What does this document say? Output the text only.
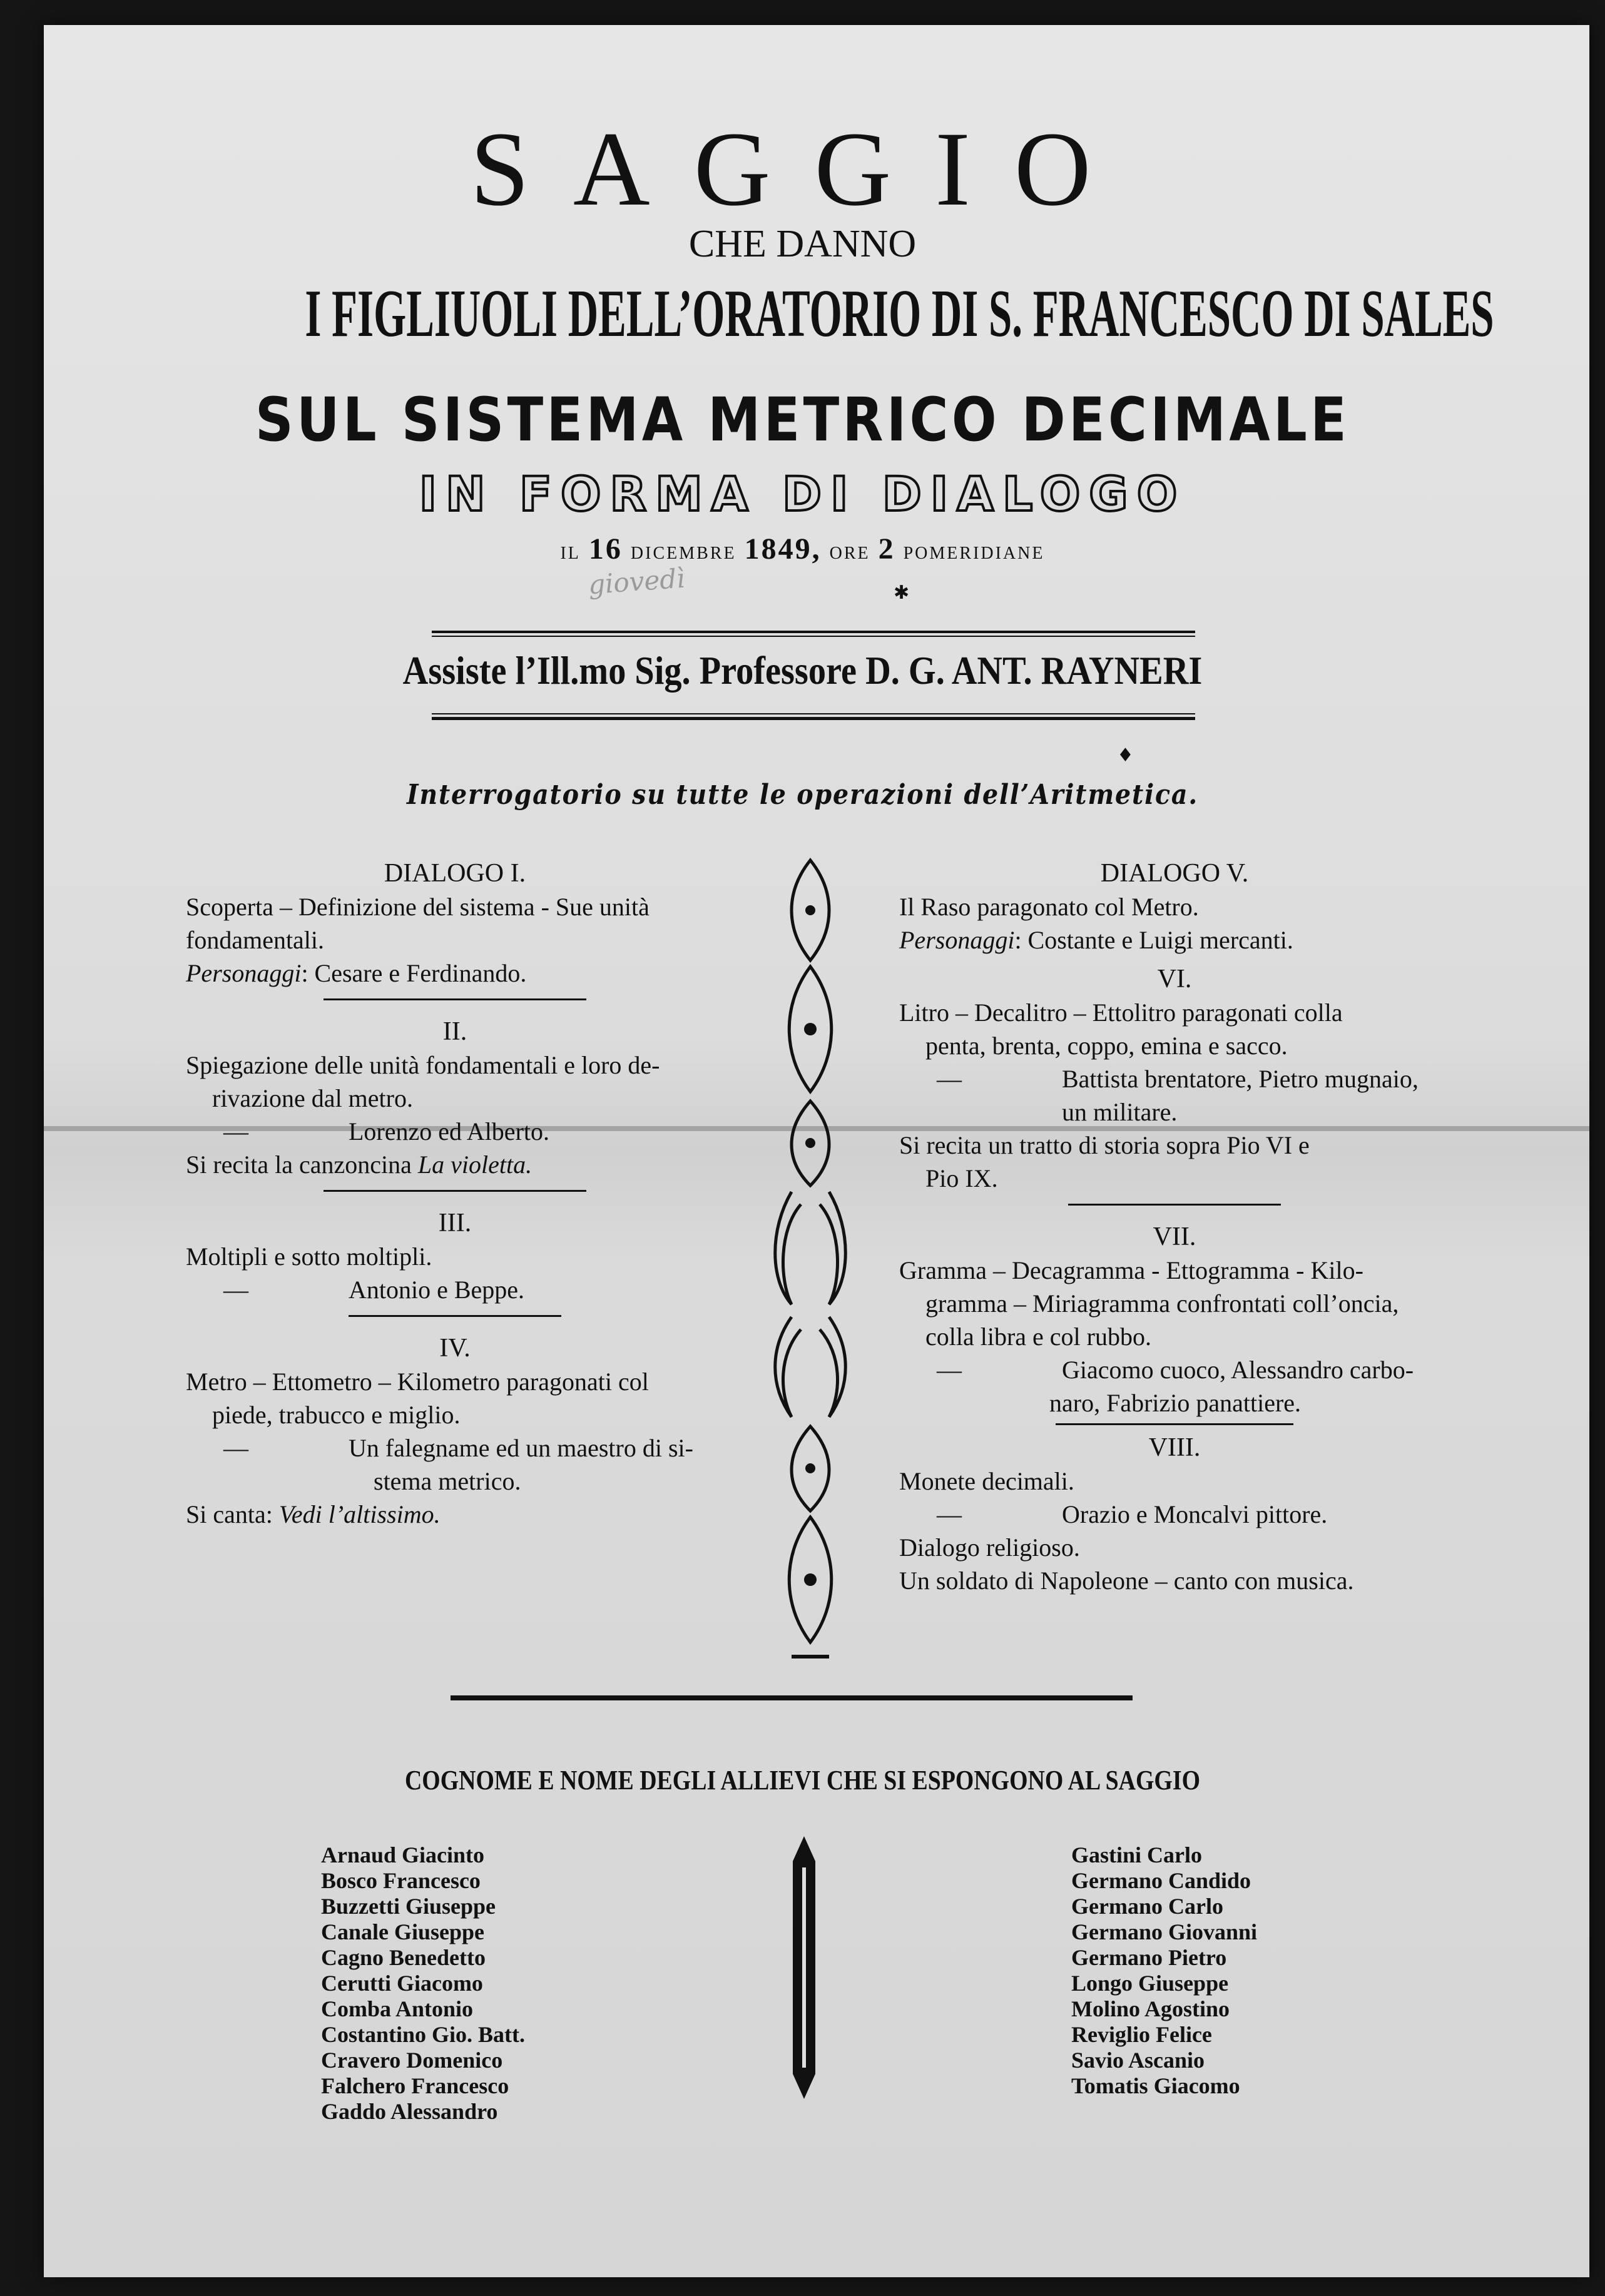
SAGGIO
CHE DANNO
I FIGLIUOLI DELL’ORATORIO DI S. FRANCESCO DI SALES
SUL SISTEMA METRICO DECIMALE
IN FORMA DI DIALOGO
il 16 dicembre 1849, ore 2 pomeridiane
giovedì	✱
Assiste l’Ill.mo Sig. Professore D. G. ANT. RAYNERI
♦
Interrogatorio su tutte le operazioni dell’Aritmetica.

DIALOGO I.

Scoperta – Definizione del sistema - Sue unità

fondamentali.

Personaggi: Cesare e Ferdinando.

II.

Spiegazione delle unità fondamentali e loro de-

rivazione dal metro.

—	Lorenzo ed Alberto.

Si recita la canzoncina La violetta.

III.

Moltipli e sotto moltipli.

—	Antonio e Beppe.

IV.

Metro – Ettometro – Kilometro paragonati col

piede, trabucco e miglio.

—	Un falegname ed un maestro di si-

stema metrico.

Si canta: Vedi l’altissimo.

DIALOGO V.

Il Raso paragonato col Metro.

Personaggi: Costante e Luigi mercanti.

VI.

Litro – Decalitro – Ettolitro paragonati colla

penta, brenta, coppo, emina e sacco.

—	Battista brentatore, Pietro mugnaio,

un militare.

Si recita un tratto di storia sopra Pio VI e

Pio IX.

VII.

Gramma – Decagramma - Ettogramma - Kilo-

gramma – Miriagramma confrontati coll’oncia,

colla libra e col rubbo.

—	Giacomo cuoco, Alessandro carbo-

naro, Fabrizio panattiere.

VIII.

Monete decimali.

—	Orazio e Moncalvi pittore.

Dialogo religioso.

Un soldato di Napoleone – canto con musica.

COGNOME E NOME DEGLI ALLIEVI CHE SI ESPONGONO AL SAGGIO
Arnaud Giacinto
Bosco Francesco
Buzzetti Giuseppe
Canale Giuseppe
Cagno Benedetto
Cerutti Giacomo
Comba Antonio
Costantino Gio. Batt.
Cravero Domenico
Falchero Francesco
Gaddo Alessandro
Gastini Carlo
Germano Candido
Germano Carlo
Germano Giovanni
Germano Pietro
Longo Giuseppe
Molino Agostino
Reviglio Felice
Savio Ascanio
Tomatis Giacomo
